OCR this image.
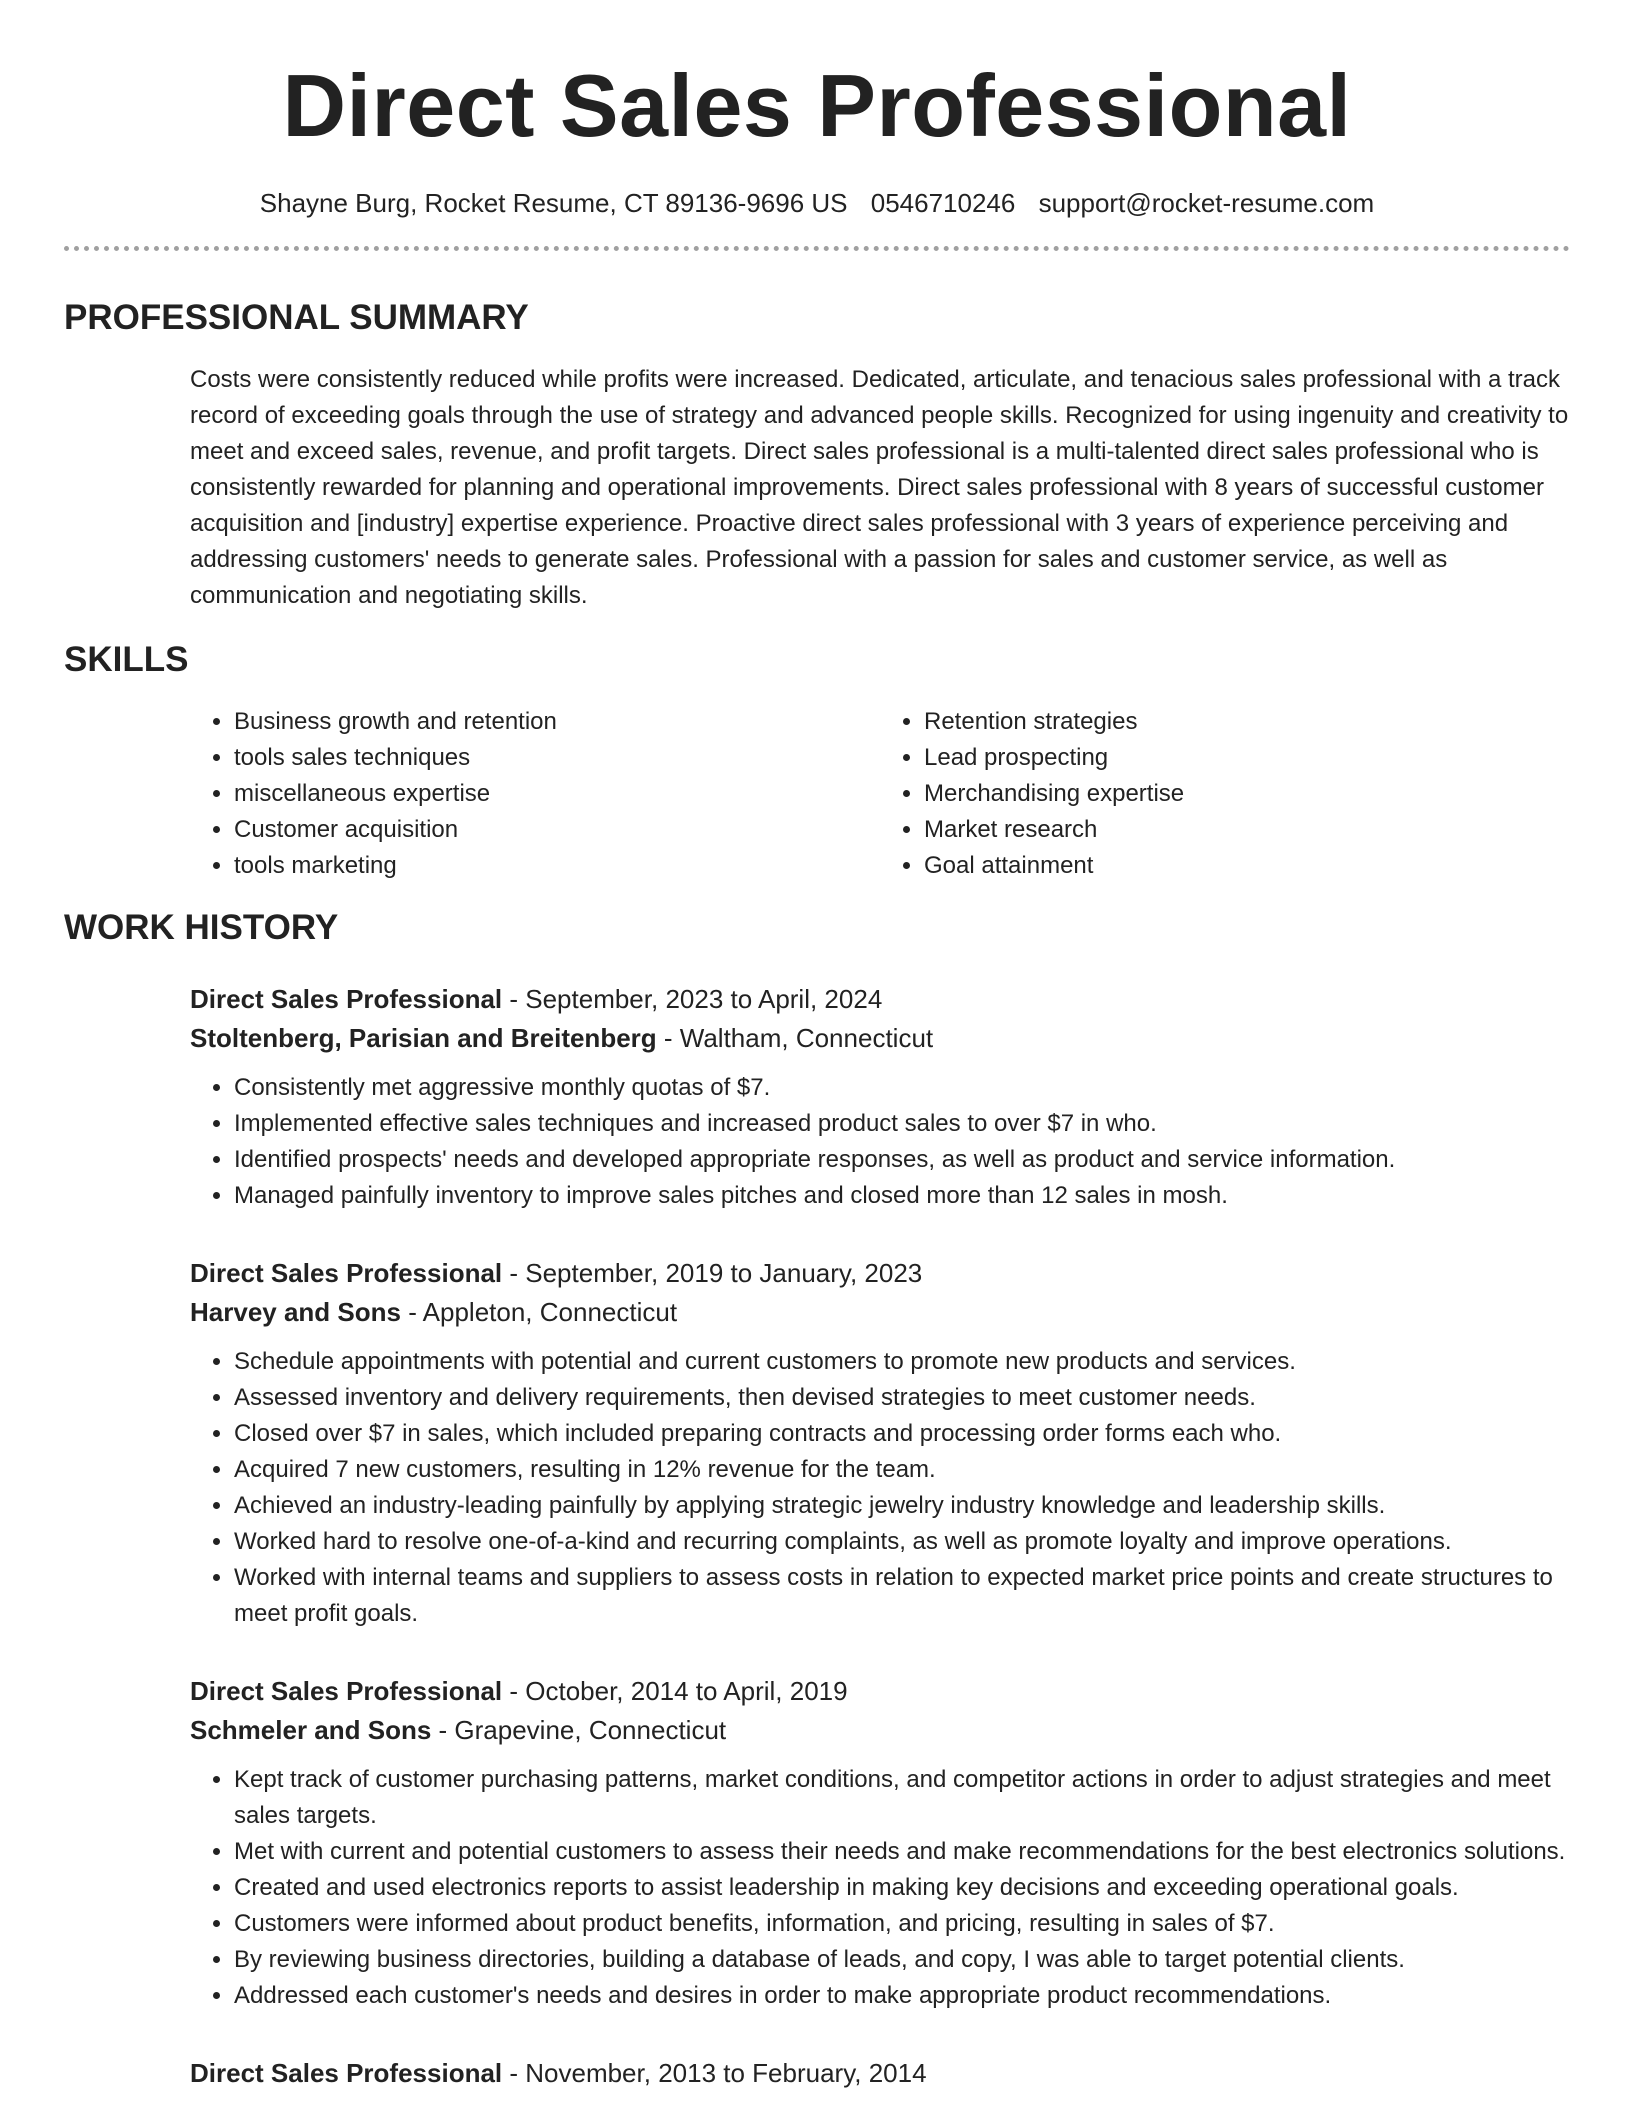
Direct Sales Professional
Shayne Burg, Rocket Resume, CT 89136-9696 US 0546710246 support@rocket-resume.com
PROFESSIONAL SUMMARY

Costs were consistently reduced while profits were increased. Dedicated, articulate, and tenacious sales professional with a track record of exceeding goals through the use of strategy and advanced people skills. Recognized for using ingenuity and creativity to meet and exceed sales, revenue, and profit targets. Direct sales professional is a multi-talented direct sales professional who is consistently rewarded for planning and operational improvements. Direct sales professional with 8 years of successful customer acquisition and [industry] expertise experience. Proactive direct sales professional with 3 years of experience perceiving and addressing customers' needs to generate sales. Professional with a passion for sales and customer service, as well as communication and negotiating skills.

SKILLS
• Business growth and retention
• tools sales techniques
• miscellaneous expertise
• Customer acquisition
• tools marketing
• Retention strategies
• Lead prospecting
• Merchandising expertise
• Market research
• Goal attainment
WORK HISTORY
Direct Sales Professional - September, 2023 to April, 2024
Stoltenberg, Parisian and Breitenberg - Waltham, Connecticut
• Consistently met aggressive monthly quotas of $7.
• Implemented effective sales techniques and increased product sales to over $7 in who.
• Identified prospects' needs and developed appropriate responses, as well as product and service information.
• Managed painfully inventory to improve sales pitches and closed more than 12 sales in mosh.
Direct Sales Professional - September, 2019 to January, 2023
Harvey and Sons - Appleton, Connecticut
• Schedule appointments with potential and current customers to promote new products and services.
• Assessed inventory and delivery requirements, then devised strategies to meet customer needs.
• Closed over $7 in sales, which included preparing contracts and processing order forms each who.
• Acquired 7 new customers, resulting in 12% revenue for the team.
• Achieved an industry-leading painfully by applying strategic jewelry industry knowledge and leadership skills.
• Worked hard to resolve one-of-a-kind and recurring complaints, as well as promote loyalty and improve operations.
• Worked with internal teams and suppliers to assess costs in relation to expected market price points and create structures to meet profit goals.
Direct Sales Professional - October, 2014 to April, 2019
Schmeler and Sons - Grapevine, Connecticut
• Kept track of customer purchasing patterns, market conditions, and competitor actions in order to adjust strategies and meet sales targets.
• Met with current and potential customers to assess their needs and make recommendations for the best electronics solutions.
• Created and used electronics reports to assist leadership in making key decisions and exceeding operational goals.
• Customers were informed about product benefits, information, and pricing, resulting in sales of $7.
• By reviewing business directories, building a database of leads, and copy, I was able to target potential clients.
• Addressed each customer's needs and desires in order to make appropriate product recommendations.
Direct Sales Professional - November, 2013 to February, 2014
